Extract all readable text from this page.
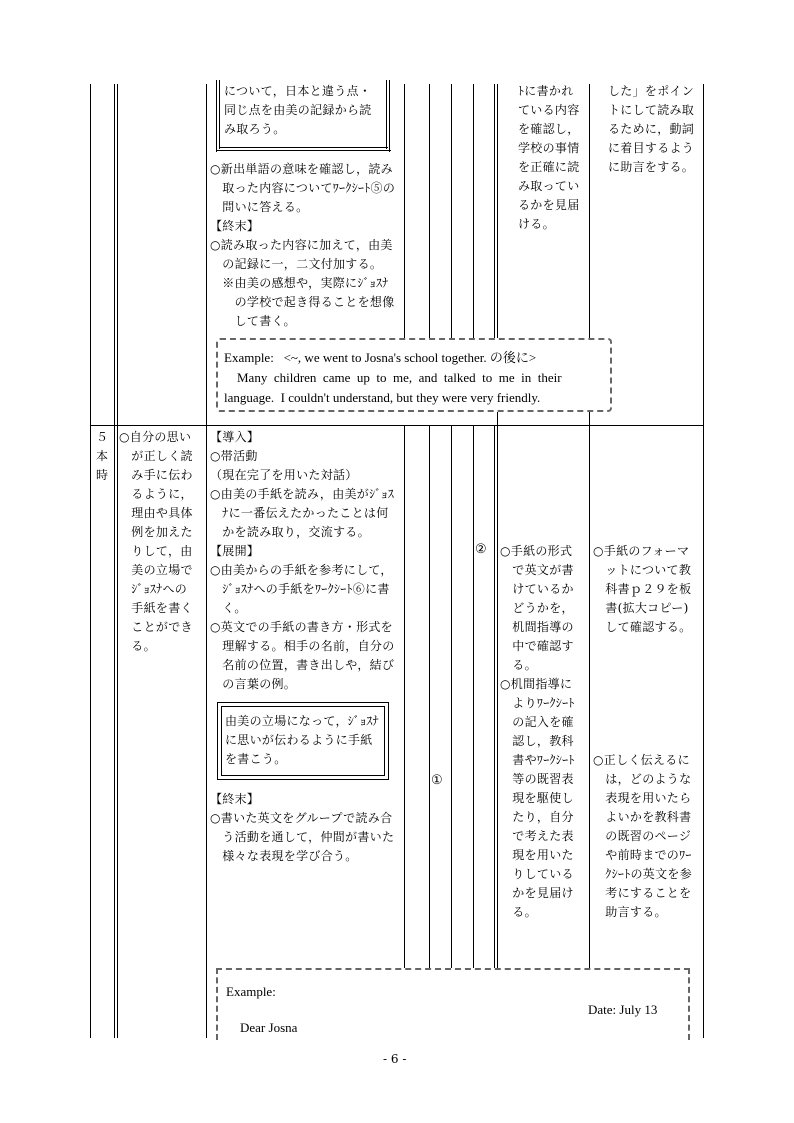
について，日本と違う点・
同じ点を由美の記録から読
み取ろう。
○新出単語の意味を確認し，読み
　取った内容についてﾜｰｸｼｰﾄ⑤の
　問いに答える。
【終末】
○読み取った内容に加えて，由美
　の記録に一，二文付加する。
　※由美の感想や，実際にｼﾞｮｽﾅ
　　の学校で起き得ることを想像
　　して書く。
ﾄに書かれ
ている内容
を確認し，
学校の事情
を正確に読
み取ってい
るかを見届
ける。
した」をポイン
トにして読み取
るために，動詞
に着目するよう
に助言をする。
Example:   <~, we went to Josna's school together. の後に>
Many  children  came  up  to  me,  and  talked  to  me  in  their
language.  I couldn't understand, but they were very friendly.
５
本
時
○自分の思い
　が正しく読
　み手に伝わ
　るように，
　理由や具体
　例を加えた
　りして，由
　美の立場で
　ｼﾞｮｽﾅへの
　手紙を書く
　ことができ
　る。
【導入】
○帯活動
（現在完了を用いた対話）
○由美の手紙を読み，由美がｼﾞｮｽ
　ﾅに一番伝えたかったことは何
　かを読み取り，交流する。
【展開】
○由美からの手紙を参考にして，
　ｼﾞｮｽﾅへの手紙をﾜｰｸｼｰﾄ⑥に書
　く。
○英文での手紙の書き方・形式を
　理解する。相手の名前，自分の
　名前の位置，書き出しや，結び
　の言葉の例。
由美の立場になって，ｼﾞｮｽﾅ
に思いが伝わるように手紙
を書こう。
【終末】
○書いた英文をグループで読み合
　う活動を通して，仲間が書いた
　様々な表現を学び合う。
②
①
○手紙の形式
　で英文が書
　けているか
　どうかを，
　机間指導の
　中で確認す
　る。
○机間指導に
　よりﾜｰｸｼｰﾄ
　の記入を確
　認し，教科
　書やﾜｰｸｼｰﾄ
　等の既習表
　現を駆使し
　たり，自分
　で考えた表
　現を用いた
　りしている
　かを見届け
　る。
○手紙のフォーマ
　ットについて教
　科書ｐ２９を板
　書(拡大コピー)
　して確認する。
○正しく伝えるに
　は，どのような
　表現を用いたら
　よいかを教科書
　の既習のページ
　や前時までのﾜｰ
　ｸｼｰﾄの英文を参
　考にすることを
　助言する。
Example:
Date: July 13
Dear Josna
- 6 -
